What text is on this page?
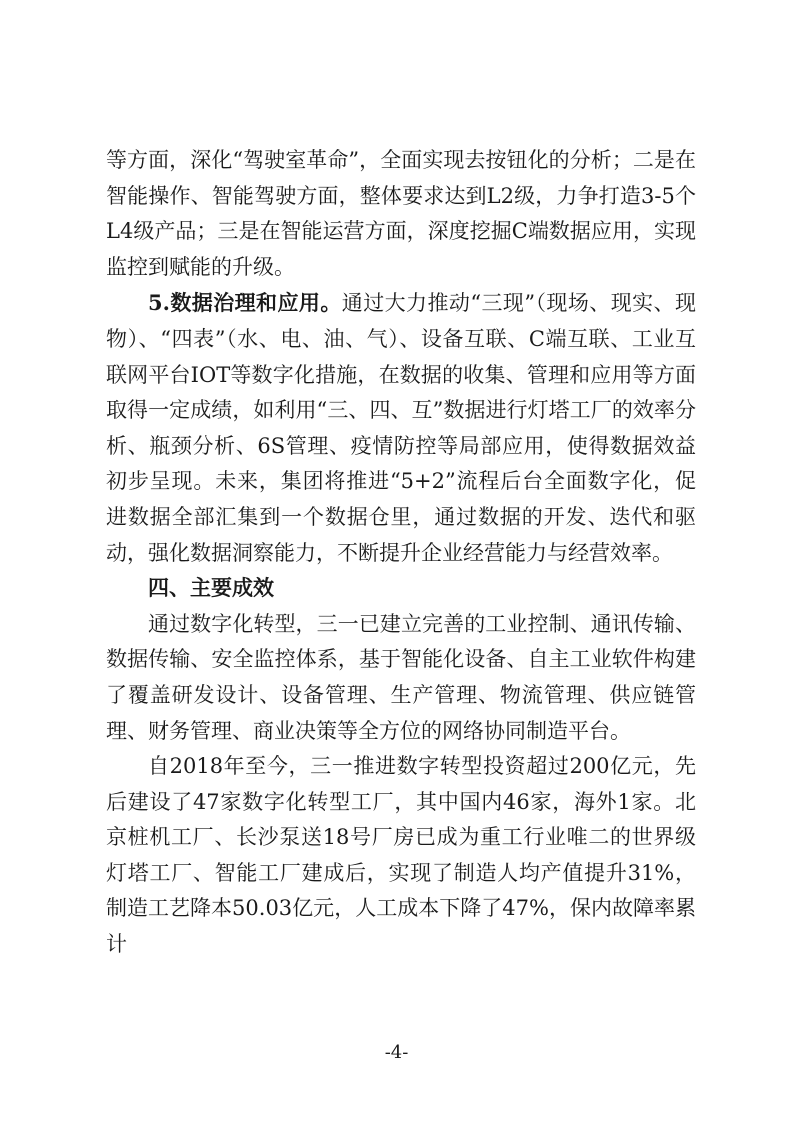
等方面，深化“驾驶室革命”，全面实现去按钮化的分析；二是在智能操作、智能驾驶方面，整体要求达到L2级，力争打造3-5个L4级产品；三是在智能运营方面，深度挖掘C端数据应用，实现监控到赋能的升级。

5.数据治理和应用。通过大力推动“三现”（现场、现实、现物）、“四表”（水、电、油、气）、设备互联、C端互联、工业互联网平台IOT等数字化措施，在数据的收集、管理和应用等方面取得一定成绩，如利用“三、四、互”数据进行灯塔工厂的效率分析、瓶颈分析、6S管理、疫情防控等局部应用，使得数据效益初步呈现。未来，集团将推进“5+2”流程后台全面数字化，促进数据全部汇集到一个数据仓里，通过数据的开发、迭代和驱动，强化数据洞察能力，不断提升企业经营能力与经营效率。

四、主要成效

通过数字化转型，三一已建立完善的工业控制、通讯传输、数据传输、安全监控体系，基于智能化设备、自主工业软件构建了覆盖研发设计、设备管理、生产管理、物流管理、供应链管理、财务管理、商业决策等全方位的网络协同制造平台。

自2018年至今，三一推进数字转型投资超过200亿元，先后建设了47家数字化转型工厂，其中国内46家，海外1家。北京桩机工厂、长沙泵送18号厂房已成为重工行业唯二的世界级灯塔工厂、智能工厂建成后，实现了制造人均产值提升31%，制造工艺降本50.03亿元，人工成本下降了47%，保内故障率累计

-4-
